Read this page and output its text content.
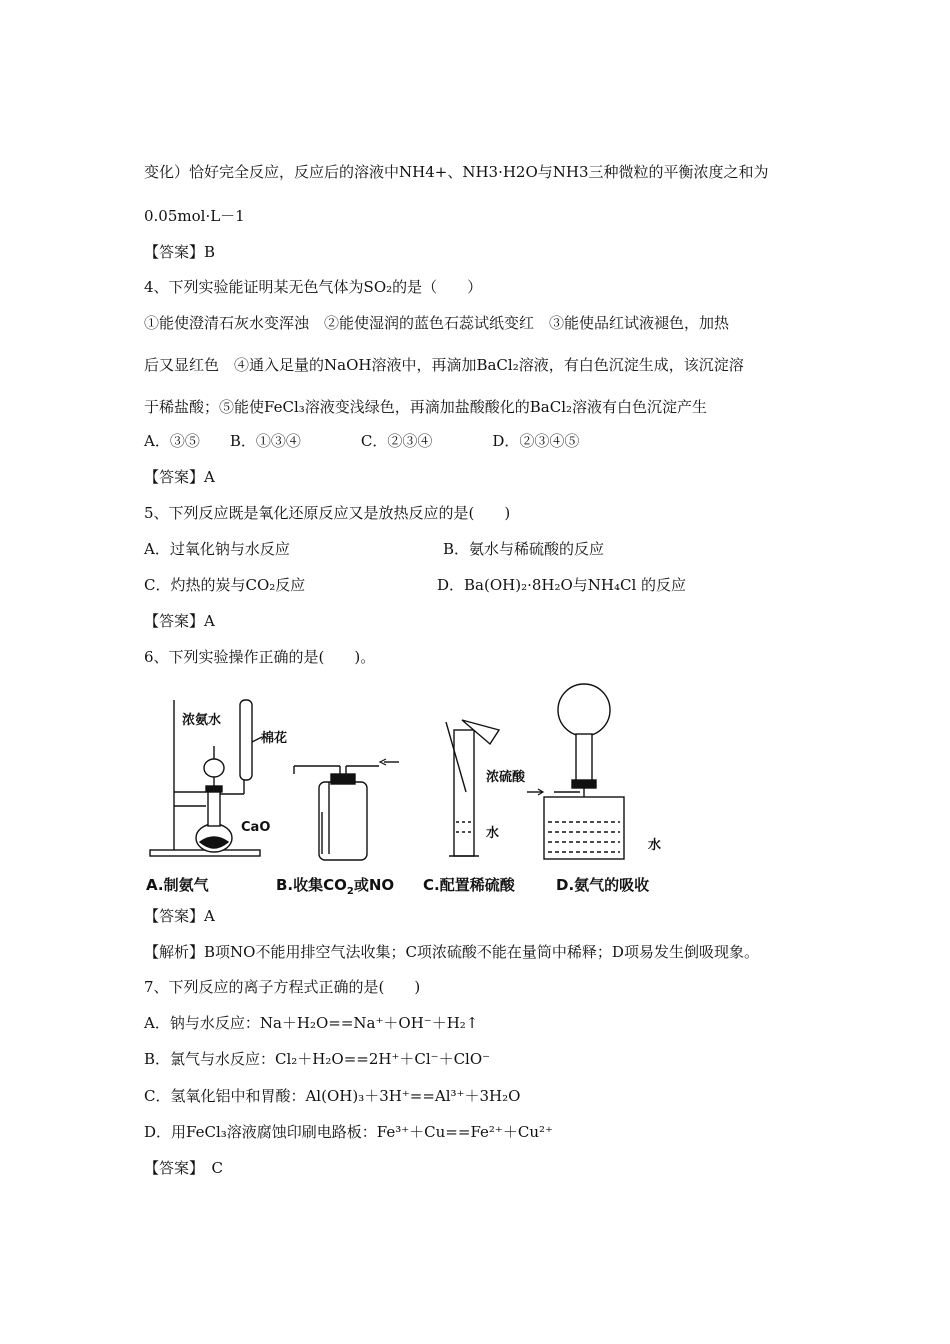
变化）恰好完全反应，反应后的溶液中NH4+、NH3·H2O与NH3三种微粒的平衡浓度之和为
0.05mol·L－1
【答案】B
4、下列实验能证明某无色气体为SO₂的是（　　）
①能使澄清石灰水变浑浊　②能使湿润的蓝色石蕊试纸变红　③能使品红试液褪色，加热
后又显红色　④通入足量的NaOH溶液中，再滴加BaCl₂溶液，有白色沉淀生成，该沉淀溶
于稀盐酸；⑤能使FeCl₃溶液变浅绿色，再滴加盐酸酸化的BaCl₂溶液有白色沉淀产生
A．③⑤　　B．①③④　　　　C．②③④　　　　D．②③④⑤
【答案】A
5、下列反应既是氧化还原反应又是放热反应的是(　　)
A．过氧化钠与水反应	B．氨水与稀硫酸的反应
C．灼热的炭与CO₂反应	D．Ba(OH)₂·8H₂O与NH₄Cl 的反应
【答案】A
6、下列实验操作正确的是(　　)。
浓氨水
棉花
CaO
浓硫酸
水
水
A.制氨气	B.收集$CO_2$或NO C.配置稀硫酸	D.氨气的吸收
【答案】A
【解析】B项NO不能用排空气法收集；C项浓硫酸不能在量筒中稀释；D项易发生倒吸现象。
7、下列反应的离子方程式正确的是(　　)
A．钠与水反应：Na＋H₂O==Na⁺＋OH⁻＋H₂↑
B．氯气与水反应：Cl₂＋H₂O==2H⁺＋Cl⁻＋ClO⁻
C．氢氧化铝中和胃酸：Al(OH)₃＋3H⁺==Al³⁺＋3H₂O
D．用FeCl₃溶液腐蚀印刷电路板：Fe³⁺＋Cu==Fe²⁺＋Cu²⁺
【答案】　C
